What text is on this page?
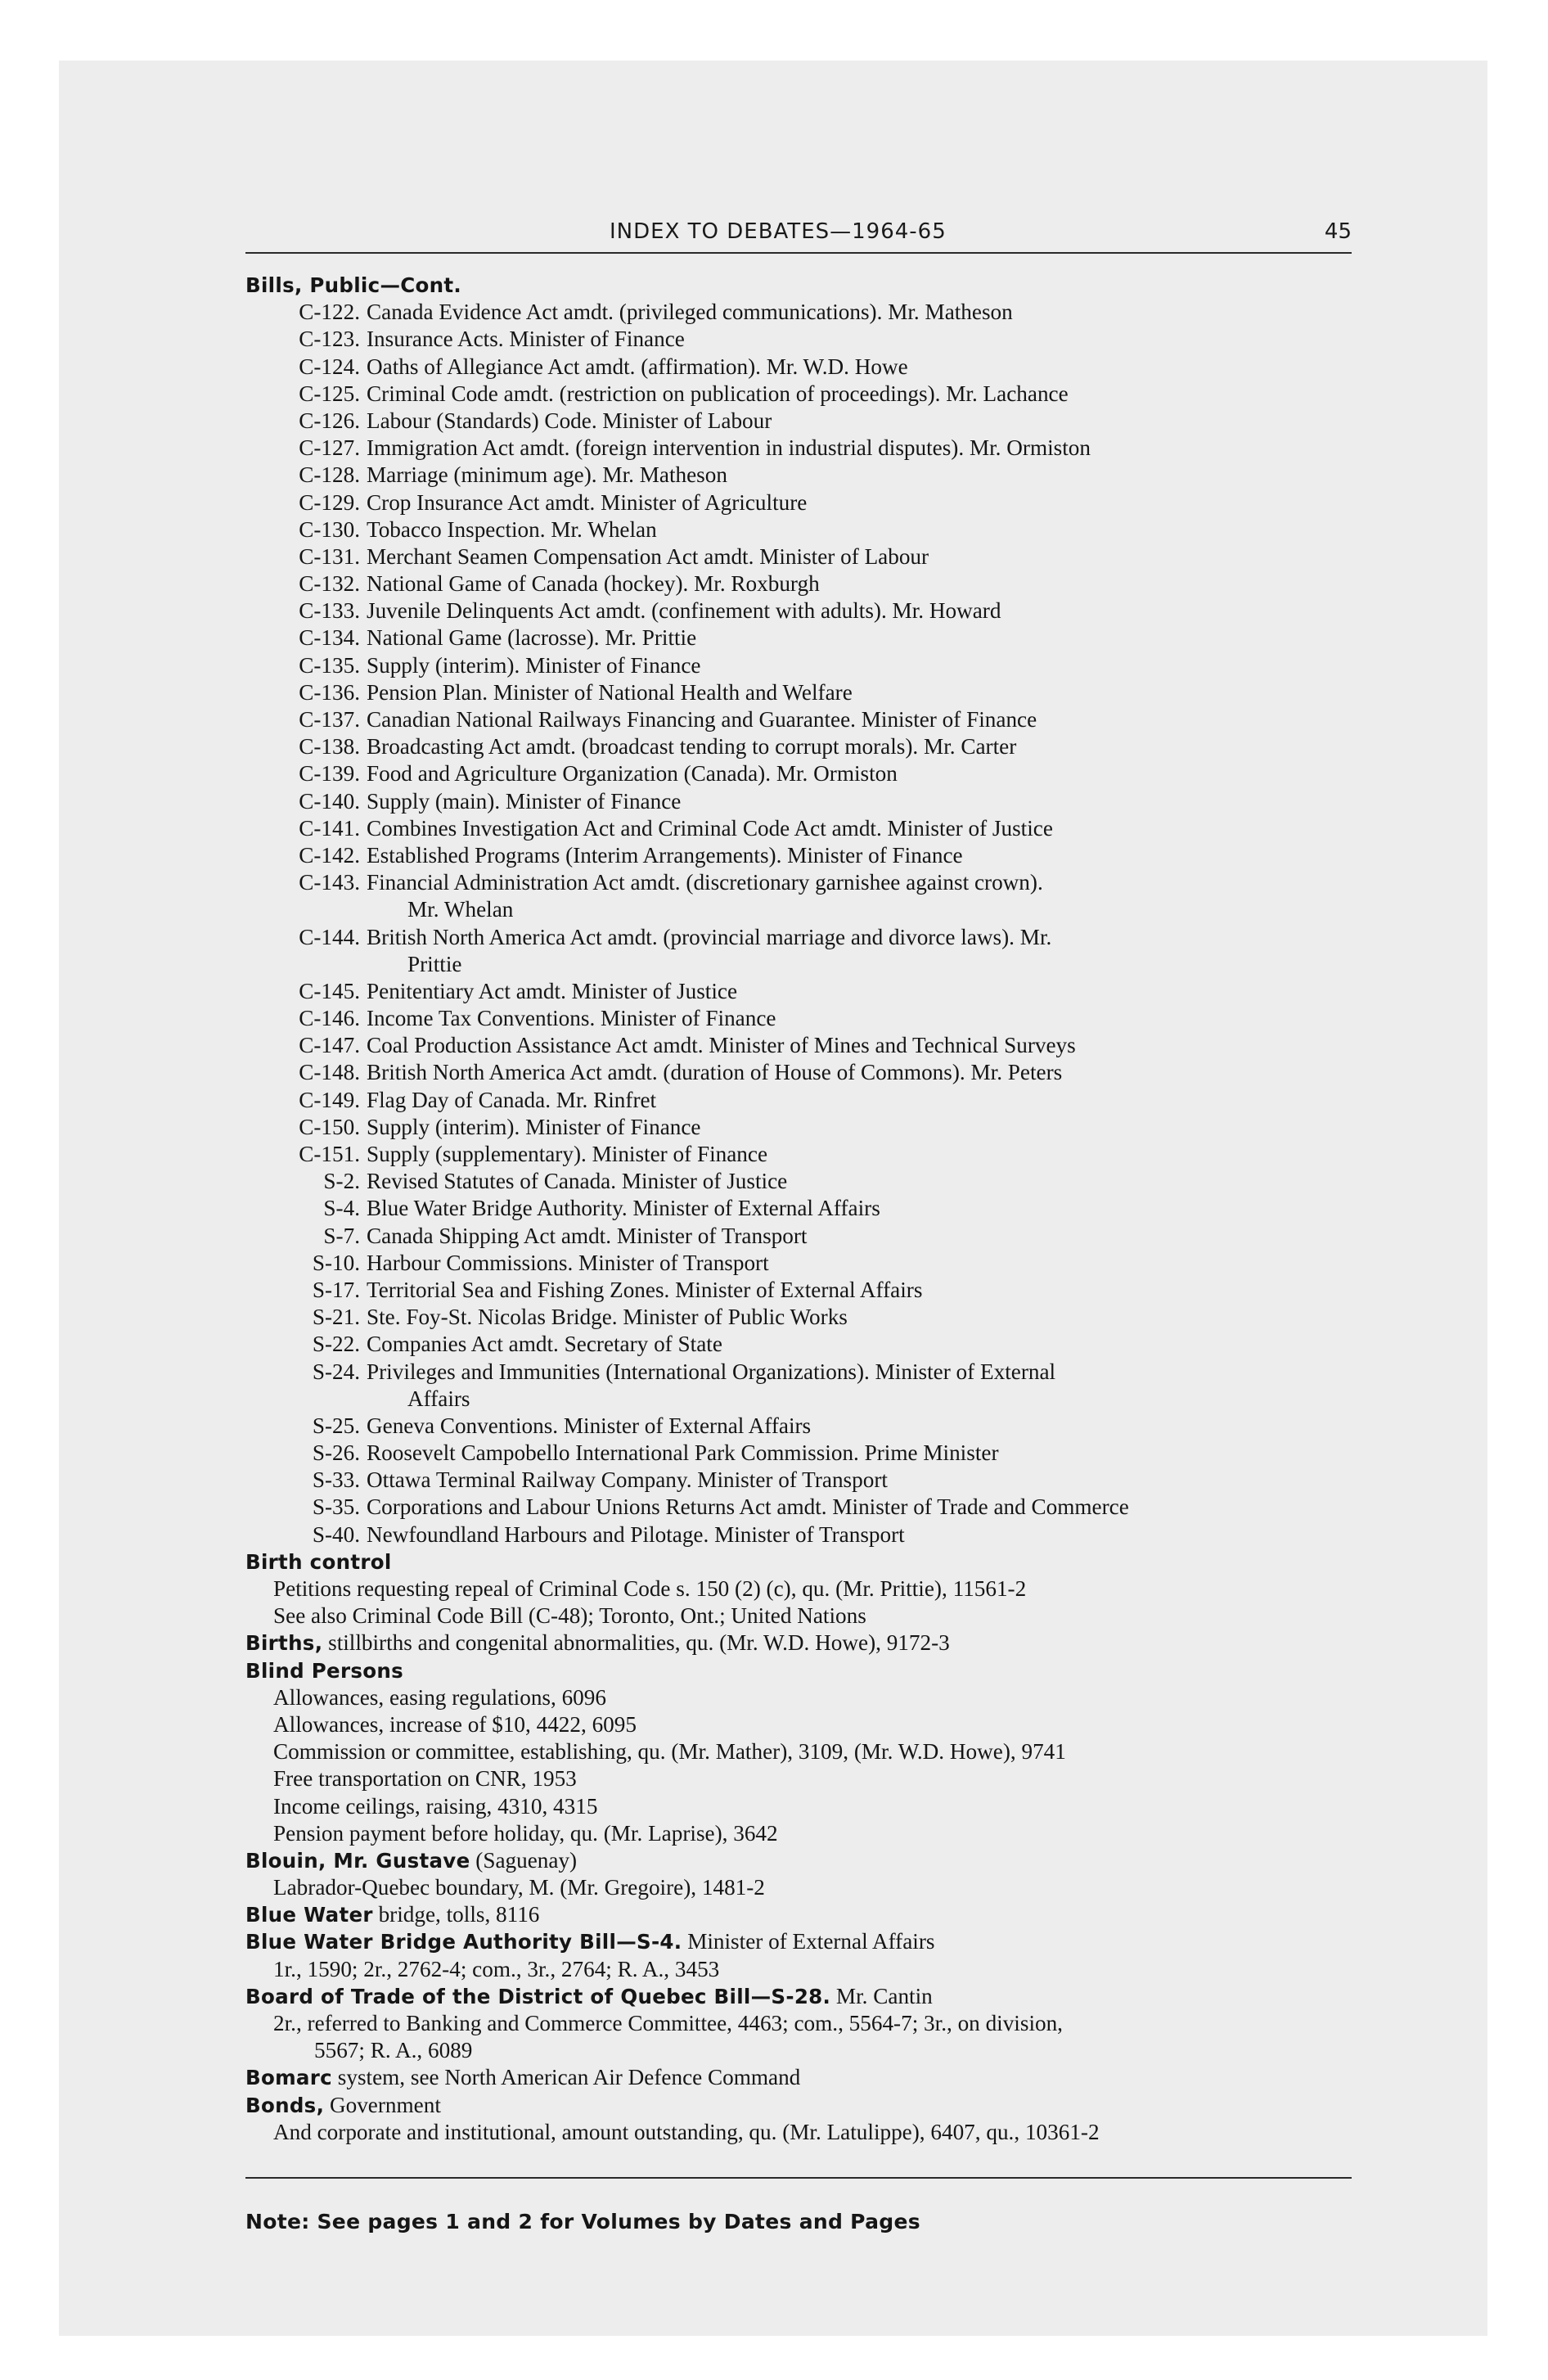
INDEX TO DEBATES—1964-65	45
Bills, Public—Cont.
C-122. Canada Evidence Act amdt. (privileged communications). Mr. Matheson
C-123. Insurance Acts. Minister of Finance
C-124. Oaths of Allegiance Act amdt. (affirmation). Mr. W.D. Howe
C-125. Criminal Code amdt. (restriction on publication of proceedings). Mr. Lachance
C-126. Labour (Standards) Code. Minister of Labour
C-127. Immigration Act amdt. (foreign intervention in industrial disputes). Mr. Ormiston
C-128. Marriage (minimum age). Mr. Matheson
C-129. Crop Insurance Act amdt. Minister of Agriculture
C-130. Tobacco Inspection. Mr. Whelan
C-131. Merchant Seamen Compensation Act amdt. Minister of Labour
C-132. National Game of Canada (hockey). Mr. Roxburgh
C-133. Juvenile Delinquents Act amdt. (confinement with adults). Mr. Howard
C-134. National Game (lacrosse). Mr. Prittie
C-135. Supply (interim). Minister of Finance
C-136. Pension Plan. Minister of National Health and Welfare
C-137. Canadian National Railways Financing and Guarantee. Minister of Finance
C-138. Broadcasting Act amdt. (broadcast tending to corrupt morals). Mr. Carter
C-139. Food and Agriculture Organization (Canada). Mr. Ormiston
C-140. Supply (main). Minister of Finance
C-141. Combines Investigation Act and Criminal Code Act amdt. Minister of Justice
C-142. Established Programs (Interim Arrangements). Minister of Finance
C-143. Financial Administration Act amdt. (discretionary garnishee against crown).
Mr. Whelan
C-144. British North America Act amdt. (provincial marriage and divorce laws). Mr.
Prittie
C-145. Penitentiary Act amdt. Minister of Justice
C-146. Income Tax Conventions. Minister of Finance
C-147. Coal Production Assistance Act amdt. Minister of Mines and Technical Surveys
C-148. British North America Act amdt. (duration of House of Commons). Mr. Peters
C-149. Flag Day of Canada. Mr. Rinfret
C-150. Supply (interim). Minister of Finance
C-151. Supply (supplementary). Minister of Finance
S-2. Revised Statutes of Canada. Minister of Justice
S-4. Blue Water Bridge Authority. Minister of External Affairs
S-7. Canada Shipping Act amdt. Minister of Transport
S-10. Harbour Commissions. Minister of Transport
S-17. Territorial Sea and Fishing Zones. Minister of External Affairs
S-21. Ste. Foy-St. Nicolas Bridge. Minister of Public Works
S-22. Companies Act amdt. Secretary of State
S-24. Privileges and Immunities (International Organizations). Minister of External
Affairs
S-25. Geneva Conventions. Minister of External Affairs
S-26. Roosevelt Campobello International Park Commission. Prime Minister
S-33. Ottawa Terminal Railway Company. Minister of Transport
S-35. Corporations and Labour Unions Returns Act amdt. Minister of Trade and Commerce
S-40. Newfoundland Harbours and Pilotage. Minister of Transport
Birth control
Petitions requesting repeal of Criminal Code s. 150 (2) (c), qu. (Mr. Prittie), 11561-2
See also Criminal Code Bill (C-48); Toronto, Ont.; United Nations
Births, stillbirths and congenital abnormalities, qu. (Mr. W.D. Howe), 9172-3
Blind Persons
Allowances, easing regulations, 6096
Allowances, increase of $10, 4422, 6095
Commission or committee, establishing, qu. (Mr. Mather), 3109, (Mr. W.D. Howe), 9741
Free transportation on CNR, 1953
Income ceilings, raising, 4310, 4315
Pension payment before holiday, qu. (Mr. Laprise), 3642
Blouin, Mr. Gustave (Saguenay)
Labrador-Quebec boundary, M. (Mr. Gregoire), 1481-2
Blue Water bridge, tolls, 8116
Blue Water Bridge Authority Bill—S-4. Minister of External Affairs
1r., 1590; 2r., 2762-4; com., 3r., 2764; R. A., 3453
Board of Trade of the District of Quebec Bill—S-28. Mr. Cantin
2r., referred to Banking and Commerce Committee, 4463; com., 5564-7; 3r., on division,
5567; R. A., 6089
Bomarc system, see North American Air Defence Command
Bonds, Government
And corporate and institutional, amount outstanding, qu. (Mr. Latulippe), 6407, qu., 10361-2
Note: See pages 1 and 2 for Volumes by Dates and Pages
